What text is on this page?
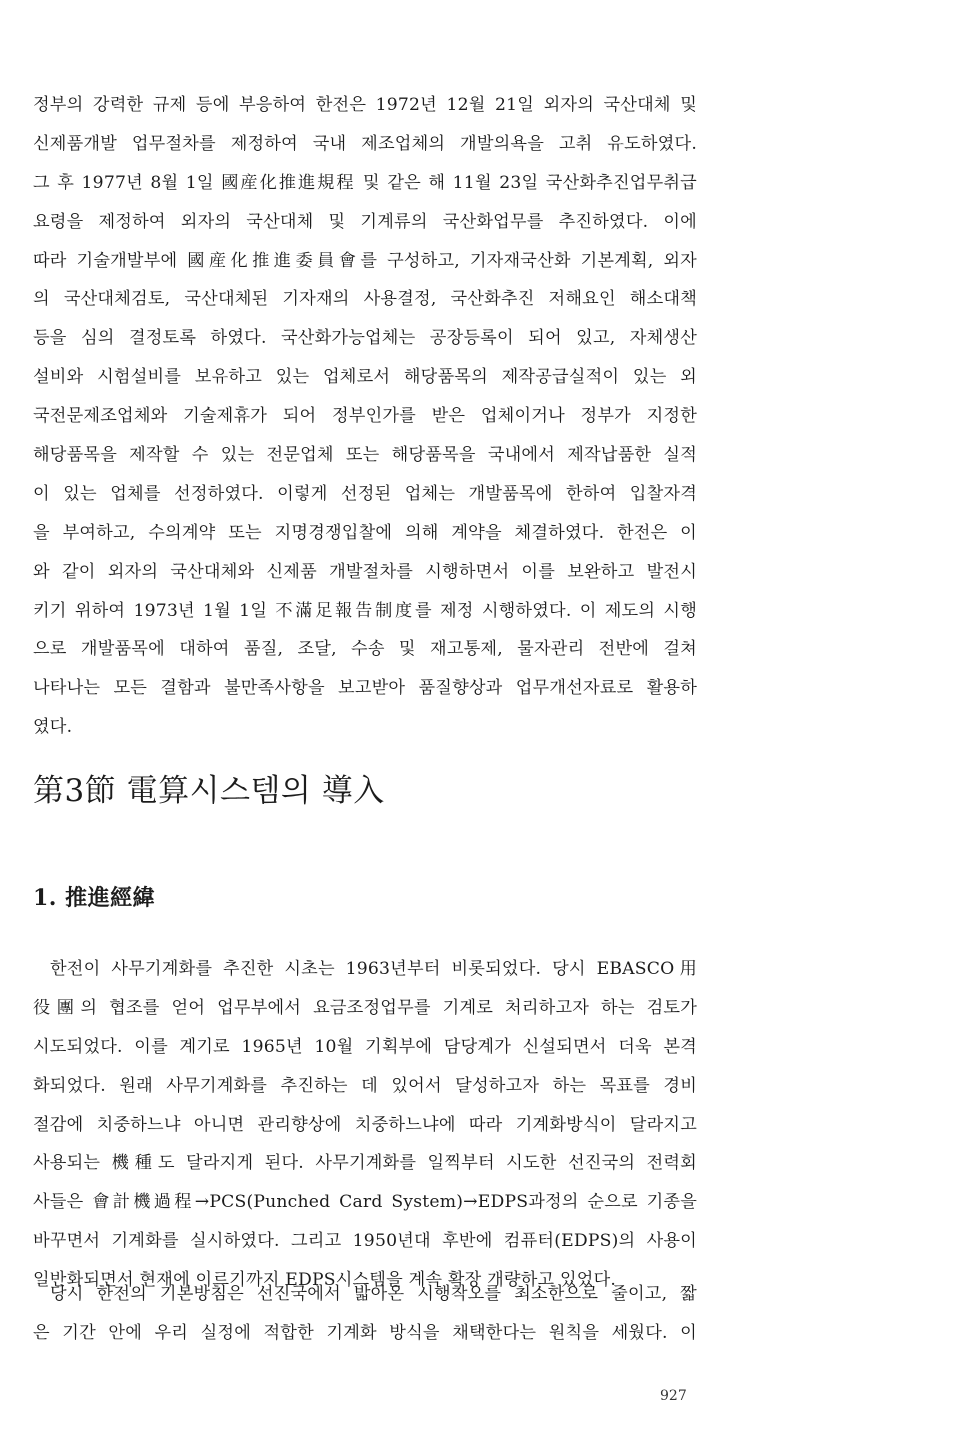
정부의 강력한 규제 등에 부응하여 한전은 1972년 12월 21일 외자의 국산대체 및
신제품개발 업무절차를 제정하여 국내 제조업체의 개발의욕을 고취 유도하였다.
그 후 1977년 8월 1일 國産化推進規程 및 같은 해 11월 23일 국산화추진업무취급
요령을 제정하여 외자의 국산대체 및 기계류의 국산화업무를 추진하였다. 이에
따라 기술개발부에 國産化推進委員會를 구성하고, 기자재국산화 기본계획, 외자
의 국산대체검토, 국산대체된 기자재의 사용결정, 국산화추진 저해요인 해소대책
등을 심의 결정토록 하였다. 국산화가능업체는 공장등록이 되어 있고, 자체생산
설비와 시험설비를 보유하고 있는 업체로서 해당품목의 제작공급실적이 있는 외
국전문제조업체와 기술제휴가 되어 정부인가를 받은 업체이거나 정부가 지정한
해당품목을 제작할 수 있는 전문업체 또는 해당품목을 국내에서 제작납품한 실적
이 있는 업체를 선정하였다. 이렇게 선정된 업체는 개발품목에 한하여 입찰자격
을 부여하고, 수의계약 또는 지명경쟁입찰에 의해 계약을 체결하였다. 한전은 이
와 같이 외자의 국산대체와 신제품 개발절차를 시행하면서 이를 보완하고 발전시
키기 위하여 1973년 1월 1일 不滿足報告制度를 제정 시행하였다. 이 제도의 시행
으로 개발품목에 대하여 품질, 조달, 수송 및 재고통제, 물자관리 전반에 걸쳐
나타나는 모든 결함과 불만족사항을 보고받아 품질향상과 업무개선자료로 활용하
였다.
第3節 電算시스템의 導入
1. 推進經緯
한전이 사무기계화를 추진한 시초는 1963년부터 비롯되었다. 당시 EBASCO用
役團의 협조를 얻어 업무부에서 요금조정업무를 기계로 처리하고자 하는 검토가
시도되었다. 이를 계기로 1965년 10월 기획부에 담당계가 신설되면서 더욱 본격
화되었다. 원래 사무기계화를 추진하는 데 있어서 달성하고자 하는 목표를 경비
절감에 치중하느냐 아니면 관리향상에 치중하느냐에 따라 기계화방식이 달라지고
사용되는 機種도 달라지게 된다. 사무기계화를 일찍부터 시도한 선진국의 전력회
사들은 會計機過程→PCS(Punched Card System)→EDPS과정의 순으로 기종을
바꾸면서 기계화를 실시하였다. 그리고 1950년대 후반에 컴퓨터(EDPS)의 사용이
일반화되면서 현재에 이르기까지 EDPS시스템을 계속 확장 개량하고 있었다.
당시 한전의 기본방침은 선진국에서 밟아온 시행착오를 최소한으로 줄이고, 짧
은 기간 안에 우리 실정에 적합한 기계화 방식을 채택한다는 원칙을 세웠다. 이
927
